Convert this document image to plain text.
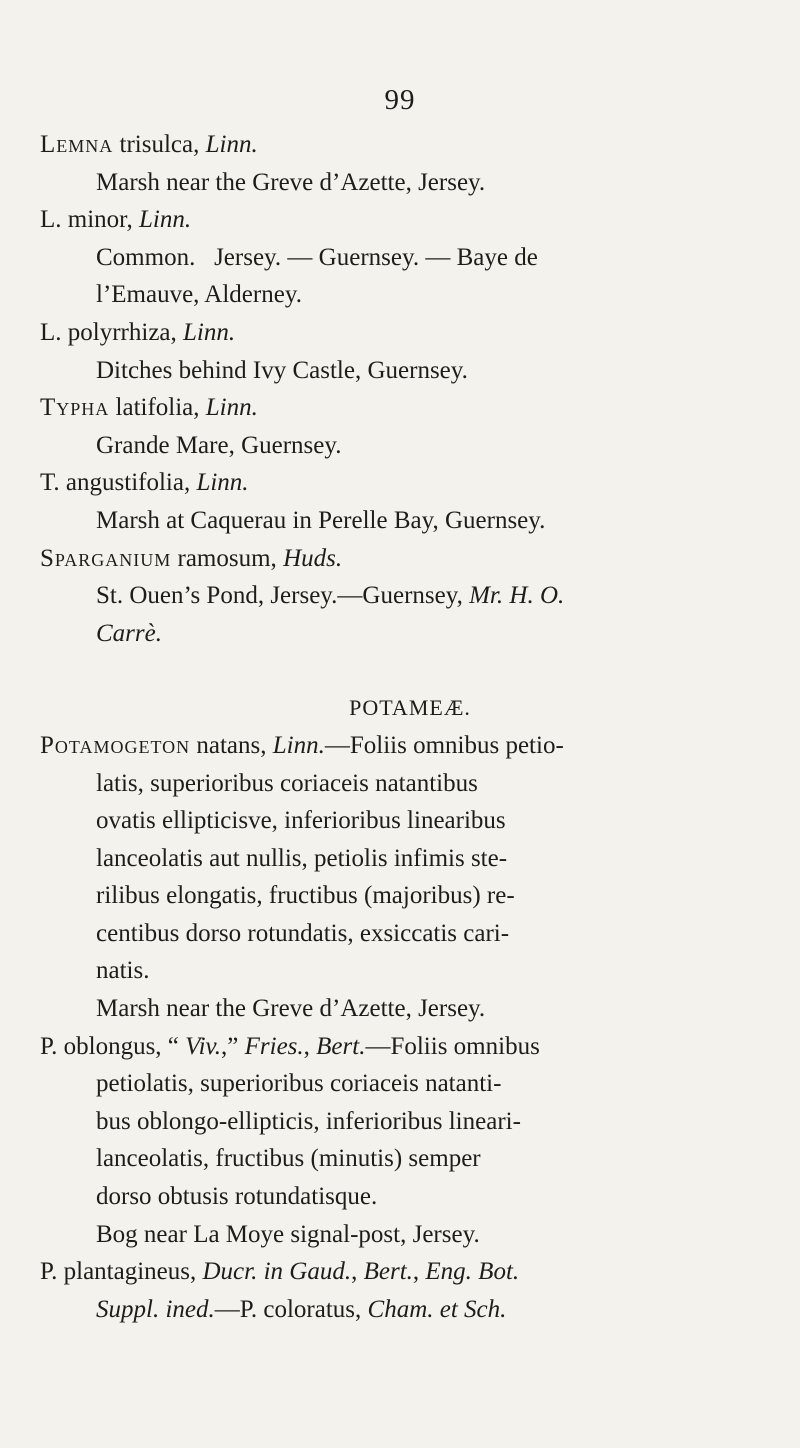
99
Lemna trisulca, Linn.
Marsh near the Greve d’Azette, Jersey.
L. minor, Linn.
Common.   Jersey. — Guernsey. — Baye de
l’Emauve, Alderney.
L. polyrrhiza, Linn.
Ditches behind Ivy Castle, Guernsey.
Typha latifolia, Linn.
Grande Mare, Guernsey.
T. angustifolia, Linn.
Marsh at Caquerau in Perelle Bay, Guernsey.
Sparganium ramosum, Huds.
St. Ouen’s Pond, Jersey.—Guernsey, Mr. H. O.
Carrè.
POTAMEÆ.
Potamogeton natans, Linn.—Foliis omnibus petio-
latis, superioribus coriaceis natantibus
ovatis ellipticisve, inferioribus linearibus
lanceolatis aut nullis, petiolis infimis ste-
rilibus elongatis, fructibus (majoribus) re-
centibus dorso rotundatis, exsiccatis cari-
natis.
Marsh near the Greve d’Azette, Jersey.
P. oblongus, “ Viv.,” Fries., Bert.—Foliis omnibus
petiolatis, superioribus coriaceis natanti-
bus oblongo-ellipticis, inferioribus lineari-
lanceolatis, fructibus (minutis) semper
dorso obtusis rotundatisque.
Bog near La Moye signal-post, Jersey.
P. plantagineus, Ducr. in Gaud., Bert., Eng. Bot.
Suppl. ined.—P. coloratus, Cham. et Sch.
